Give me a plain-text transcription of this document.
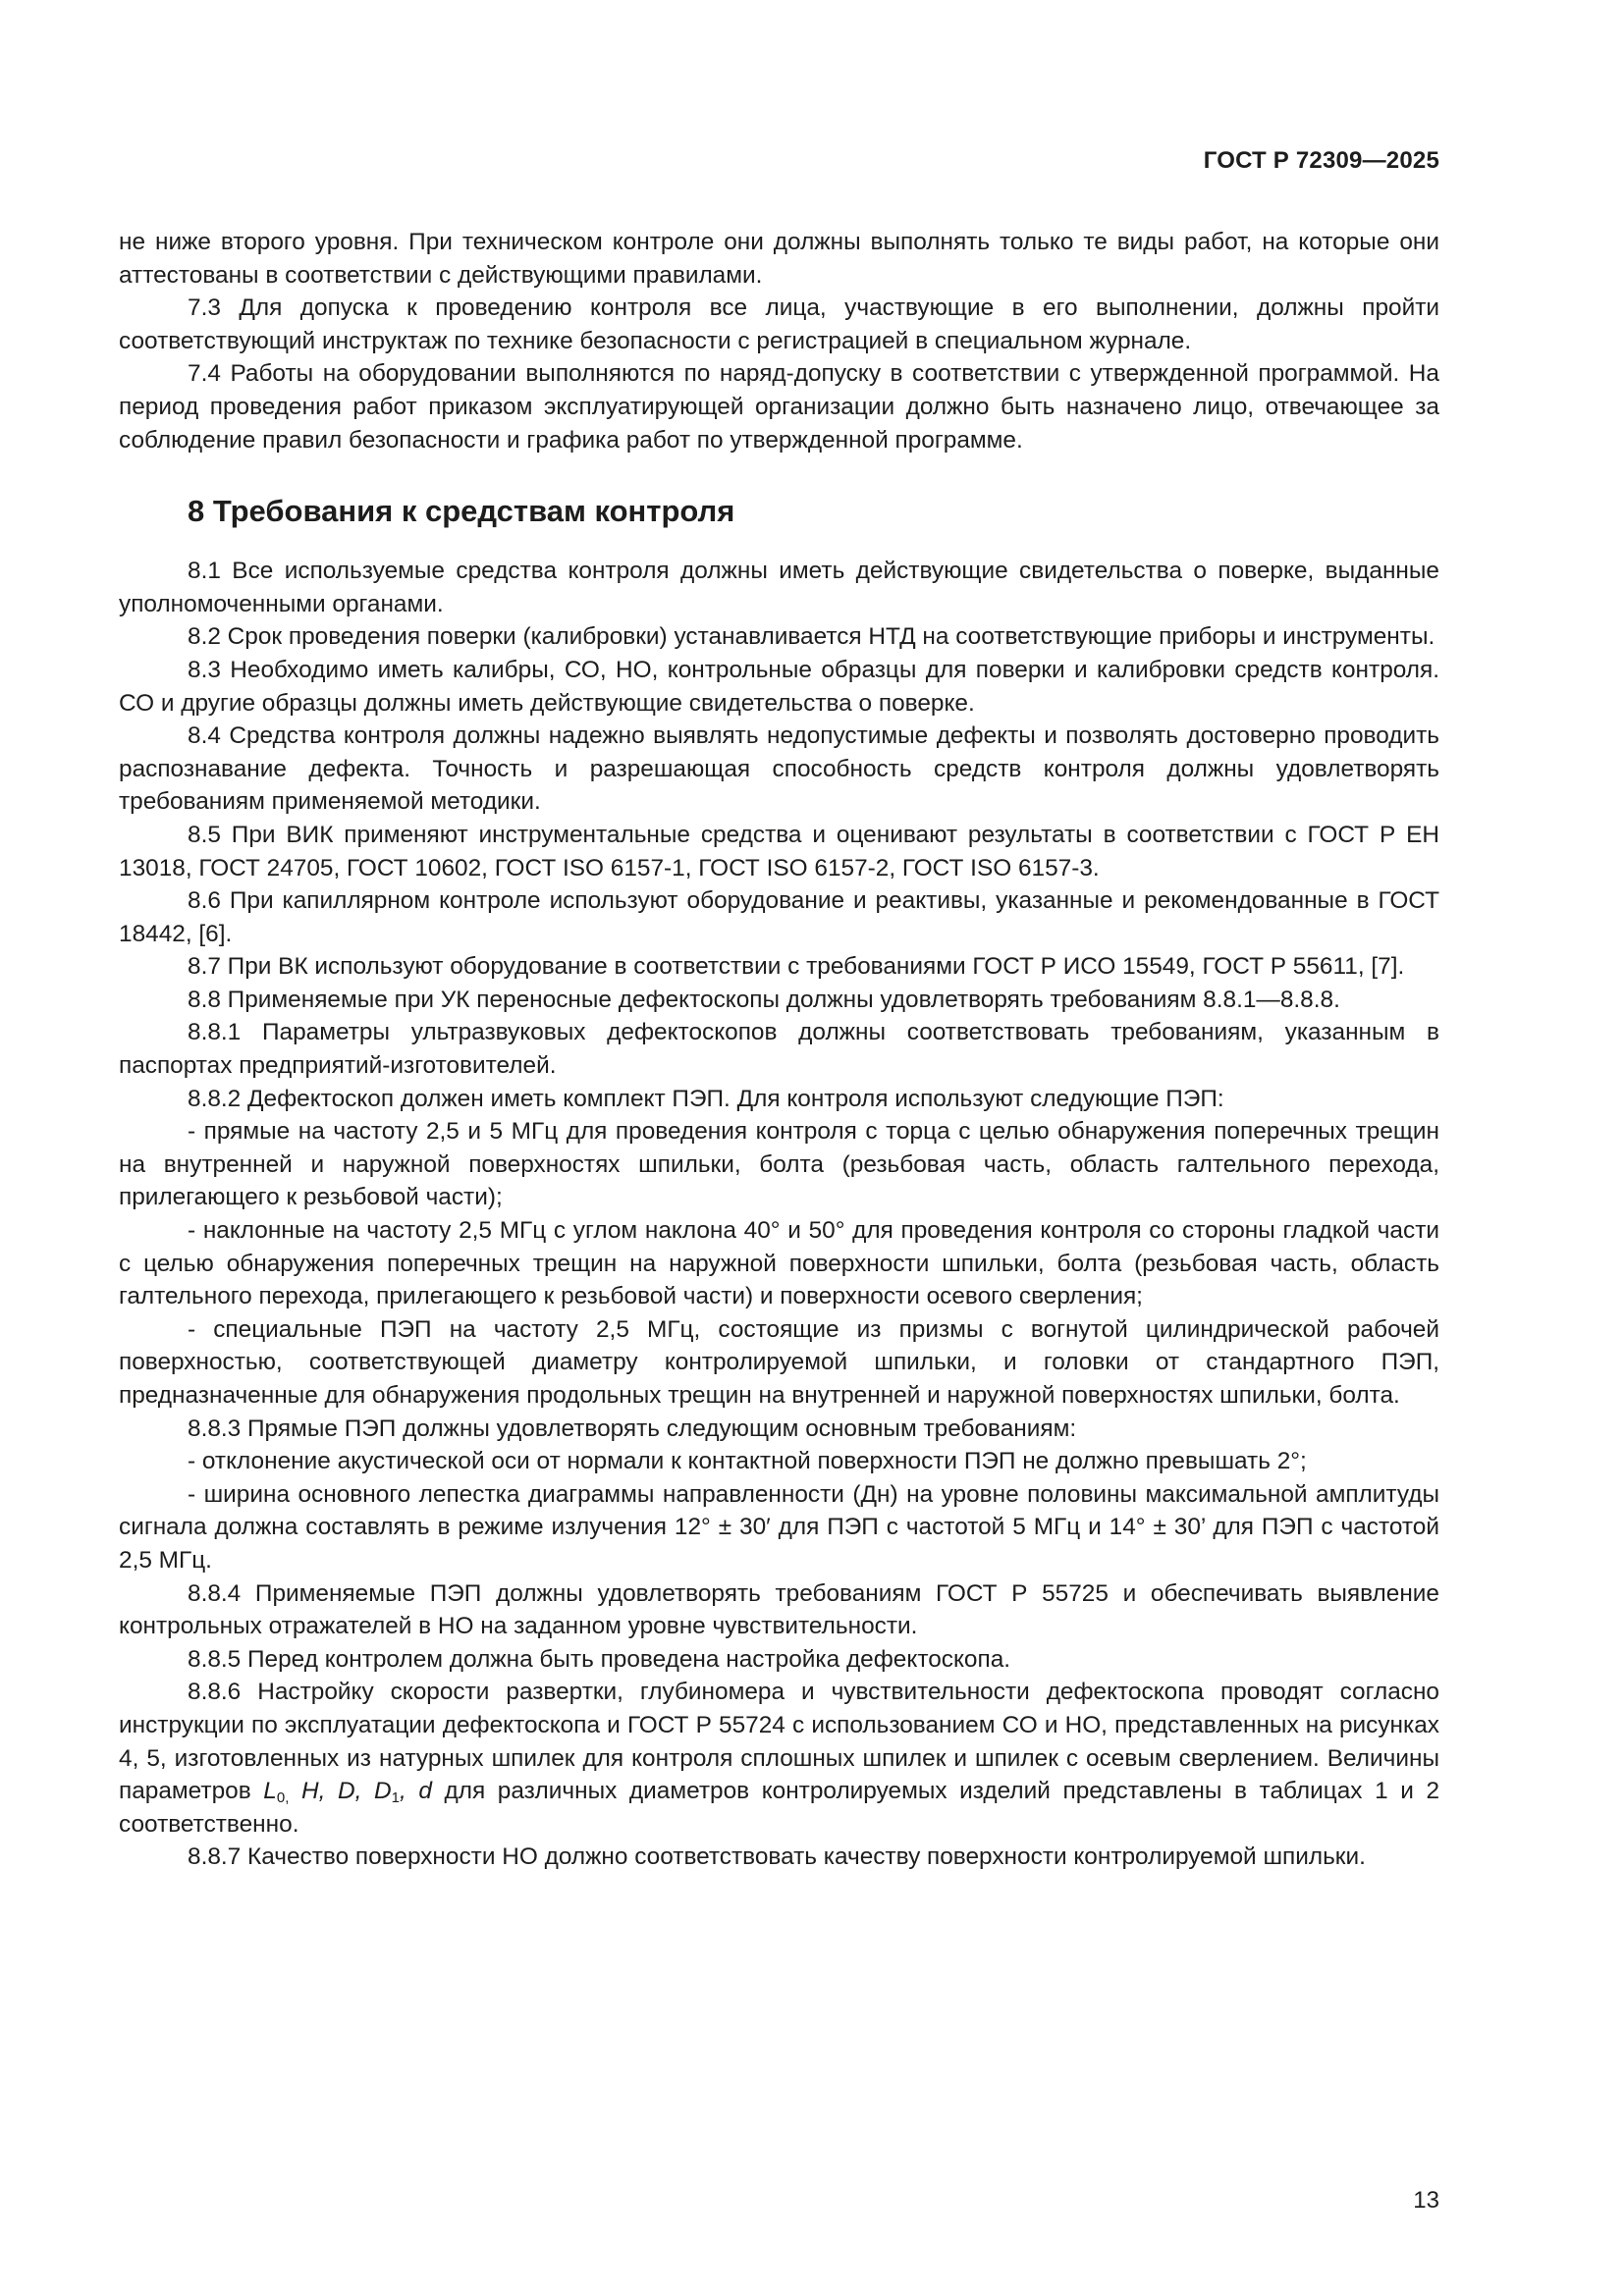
ГОСТ Р 72309—2025

не ниже второго уровня. При техническом контроле они должны выполнять только те виды работ, на которые они аттестованы в соответствии с действующими правилами.

7.3 Для допуска к проведению контроля все лица, участвующие в его выполнении, должны пройти соответствующий инструктаж по технике безопасности с регистрацией в специальном журнале.

7.4 Работы на оборудовании выполняются по наряд-допуску в соответствии с утвержденной программой. На период проведения работ приказом эксплуатирующей организации должно быть назначено лицо, отвечающее за соблюдение правил безопасности и графика работ по утвержденной программе.

8 Требования к средствам контроля

8.1 Все используемые средства контроля должны иметь действующие свидетельства о поверке, выданные уполномоченными органами.

8.2 Срок проведения поверки (калибровки) устанавливается НТД на соответствующие приборы и инструменты.

8.3 Необходимо иметь калибры, СО, НО, контрольные образцы для поверки и калибровки средств контроля. СО и другие образцы должны иметь действующие свидетельства о поверке.

8.4 Средства контроля должны надежно выявлять недопустимые дефекты и позволять достоверно проводить распознавание дефекта. Точность и разрешающая способность средств контроля должны удовлетворять требованиям применяемой методики.

8.5 При ВИК применяют инструментальные средства и оценивают результаты в соответствии с ГОСТ Р ЕН 13018, ГОСТ 24705, ГОСТ 10602, ГОСТ ISO 6157-1, ГОСТ ISO 6157-2, ГОСТ ISO 6157-3.

8.6 При капиллярном контроле используют оборудование и реактивы, указанные и рекомендованные в ГОСТ 18442, [6].

8.7 При ВК используют оборудование в соответствии с требованиями ГОСТ Р ИСО 15549, ГОСТ Р 55611, [7].

8.8 Применяемые при УК переносные дефектоскопы должны удовлетворять требованиям 8.8.1—8.8.8.

8.8.1 Параметры ультразвуковых дефектоскопов должны соответствовать требованиям, указанным в паспортах предприятий-изготовителей.

8.8.2 Дефектоскоп должен иметь комплект ПЭП. Для контроля используют следующие ПЭП:

- прямые на частоту 2,5 и 5 МГц для проведения контроля с торца с целью обнаружения поперечных трещин на внутренней и наружной поверхностях шпильки, болта (резьбовая часть, область галтельного перехода, прилегающего к резьбовой части);

- наклонные на частоту 2,5 МГц с углом наклона 40° и 50° для проведения контроля со стороны гладкой части с целью обнаружения поперечных трещин на наружной поверхности шпильки, болта (резьбовая часть, область галтельного перехода, прилегающего к резьбовой части) и поверхности осевого сверления;

- специальные ПЭП на частоту 2,5 МГц, состоящие из призмы с вогнутой цилиндрической рабочей поверхностью, соответствующей диаметру контролируемой шпильки, и головки от стандартного ПЭП, предназначенные для обнаружения продольных трещин на внутренней и наружной поверхностях шпильки, болта.

8.8.3 Прямые ПЭП должны удовлетворять следующим основным требованиям:

- отклонение акустической оси от нормали к контактной поверхности ПЭП не должно превышать 2°;

- ширина основного лепестка диаграммы направленности (Дн) на уровне половины максимальной амплитуды сигнала должна составлять в режиме излучения 12° ± 30′ для ПЭП с частотой 5 МГц и 14° ± 30’ для ПЭП с частотой 2,5 МГц.

8.8.4 Применяемые ПЭП должны удовлетворять требованиям ГОСТ Р 55725 и обеспечивать выявление контрольных отражателей в НО на заданном уровне чувствительности.

8.8.5 Перед контролем должна быть проведена настройка дефектоскопа.

8.8.6 Настройку скорости развертки, глубиномера и чувствительности дефектоскопа проводят согласно инструкции по эксплуатации дефектоскопа и ГОСТ Р 55724 с использованием СО и НО, представленных на рисунках 4, 5, изготовленных из натурных шпилек для контроля сплошных шпилек и шпилек с осевым сверлением. Величины параметров $L_{0,}$ H, D, $D_1$, d для различных диаметров контролируемых изделий представлены в таблицах 1 и 2 соответственно.

8.8.7 Качество поверхности НО должно соответствовать качеству поверхности контролируемой шпильки.

13
